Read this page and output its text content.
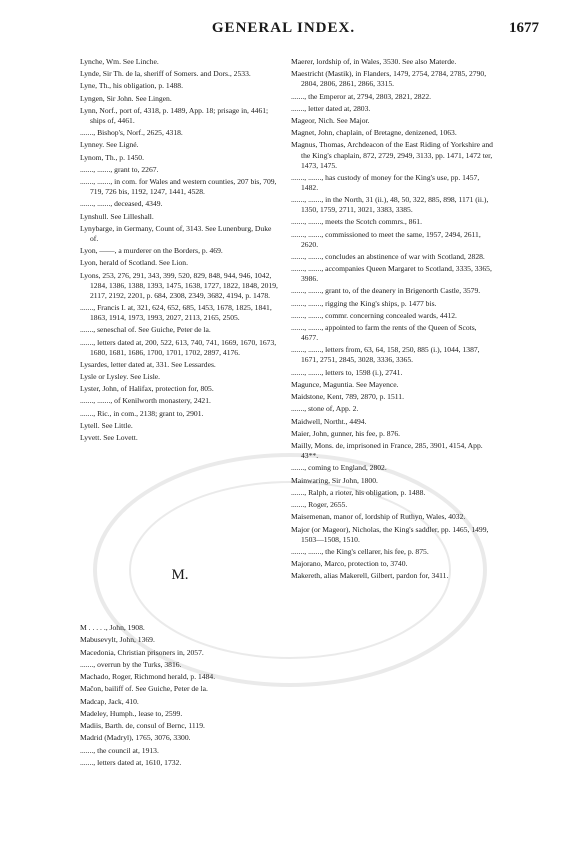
GENERAL INDEX.	1677
Lynche, Wm. See Linche.
Lynde, Sir Th. de la, sheriff of Somers. and Dors., 2533.
Lyne, Th., his obligation, p. 1488.
Lyngen, Sir John. See Lingen.
Lynn, Norf., port of, 4318, p. 1489, App. 18; prisage in, 4461; ships of, 4461.
......., Bishop's, Norf., 2625, 4318.
Lynney. See Ligné.
Lynom, Th., p. 1450.
......., ......., grant to, 2267.
......., ......., in com. for Wales and western counties, 207 bis, 709, 719, 726 bis, 1192, 1247, 1441, 4528.
......., ......., deceased, 4349.
Lynshull. See Lilleshall.
Lynybarge, in Germany, Count of, 3143. See Lunenburg, Duke of.
Lyon, ——, a murderer on the Borders, p. 469.
Lyon, herald of Scotland. See Lion.
Lyons, 253, 276, 291, 343, 399, 520, 829, 848, 944, 946, 1042, 1284, 1386, 1388, 1393, 1475, 1638, 1727, 1822, 1848, 2019, 2117, 2192, 2201, p. 684, 2308, 2349, 3682, 4194, p. 1478.
......., Francis I. at, 321, 624, 652, 685, 1453, 1678, 1825, 1841, 1863, 1914, 1973, 1993, 2027, 2113, 2165, 2505.
......., seneschal of. See Guiche, Peter de la.
......., letters dated at, 200, 522, 613, 740, 741, 1669, 1670, 1673, 1680, 1681, 1686, 1700, 1701, 1702, 2897, 4176.
Lysardes, letter dated at, 331. See Lessardes.
Lysle or Lysley. See Lisle.
Lyster, John, of Halifax, protection for, 805.
......., ......., of Kenilworth monastery, 2421.
......., Ric., in com., 2138; grant to, 2901.
Lytell. See Little.
Lyvett. See Lovett.
M.
M . . . . ., John, 1908.
Mabusevylt, John, 1369.
Macedonia, Christian prisoners in, 2057.
......., overrun by the Turks, 3816.
Machado, Roger, Richmond herald, p. 1484.
Maĉon, bailiff of. See Guiche, Peter de la.
Madcap, Jack, 410.
Madeley, Humph., lease to, 2599.
Madiis, Barth. de, consul of Bernc, 1119.
Madrid (Madryl), 1765, 3076, 3300.
......., the council at, 1913.
......., letters dated at, 1610, 1732.
Maerer, lordship of, in Wales, 3530. See also Materde.
Maestricht (Mastik), in Flanders, 1479, 2754, 2784, 2785, 2790, 2804, 2806, 2861, 2866, 3315.
......., the Emperor at, 2794, 2803, 2821, 2822.
......., letter dated at, 2803.
Mageor, Nich. See Major.
Magnet, John, chaplain, of Bretagne, denizened, 1063.
Magnus, Thomas, Archdeacon of the East Riding of Yorkshire and the King's chaplain, 872, 2729, 2949, 3133, pp. 1471, 1472 ter, 1473, 1475.
......., ......., has custody of money for the King's use, pp. 1457, 1482.
......., ......., in the North, 31 (ii.), 48, 50, 322, 885, 898, 1171 (ii.), 1350, 1759, 2711, 3021, 3383, 3385.
......., ......., meets the Scotch commrs., 861.
......., ......., commissioned to meet the same, 1957, 2494, 2611, 2620.
......., ......., concludes an abstinence of war with Scotland, 2828.
......., ......., accompanies Queen Margaret to Scotland, 3335, 3365, 3986.
......., ......., grant to, of the deanery in Brigenorth Castle, 3579.
......., ......., rigging the King's ships, p. 1477 bis.
......., ......., commr. concerning concealed wards, 4412.
......., ......., appointed to farm the rents of the Queen of Scots, 4677.
......., ......., letters from, 63, 64, 158, 250, 885 (i.), 1044, 1387, 1671, 2751, 2845, 3028, 3336, 3365.
......., ......., letters to, 1598 (i.), 2741.
Magunce, Maguntia. See Mayence.
Maidstone, Kent, 789, 2870, p. 1511.
......., stone of, App. 2.
Maidwell, Northt., 4494.
Maier, John, gunner, his fee, p. 876.
Mailly, Mons. de, imprisoned in France, 285, 3901, 4154, App. 43**.
......., coming to England, 2802.
Mainwaring, Sir John, 1800.
......., Ralph, a rioter, his obligation, p. 1488.
......., Roger, 2655.
Maisemenan, manor of, lordship of Ruthyn, Wales, 4032.
Major (or Mageor), Nicholas, the King's saddler, pp. 1465, 1499, 1503—1508, 1510.
......., ......., the King's cellarer, his fee, p. 875.
Majorano, Marco, protection to, 3740.
Makereth, alias Makerell, Gilbert, pardon for, 3411.
